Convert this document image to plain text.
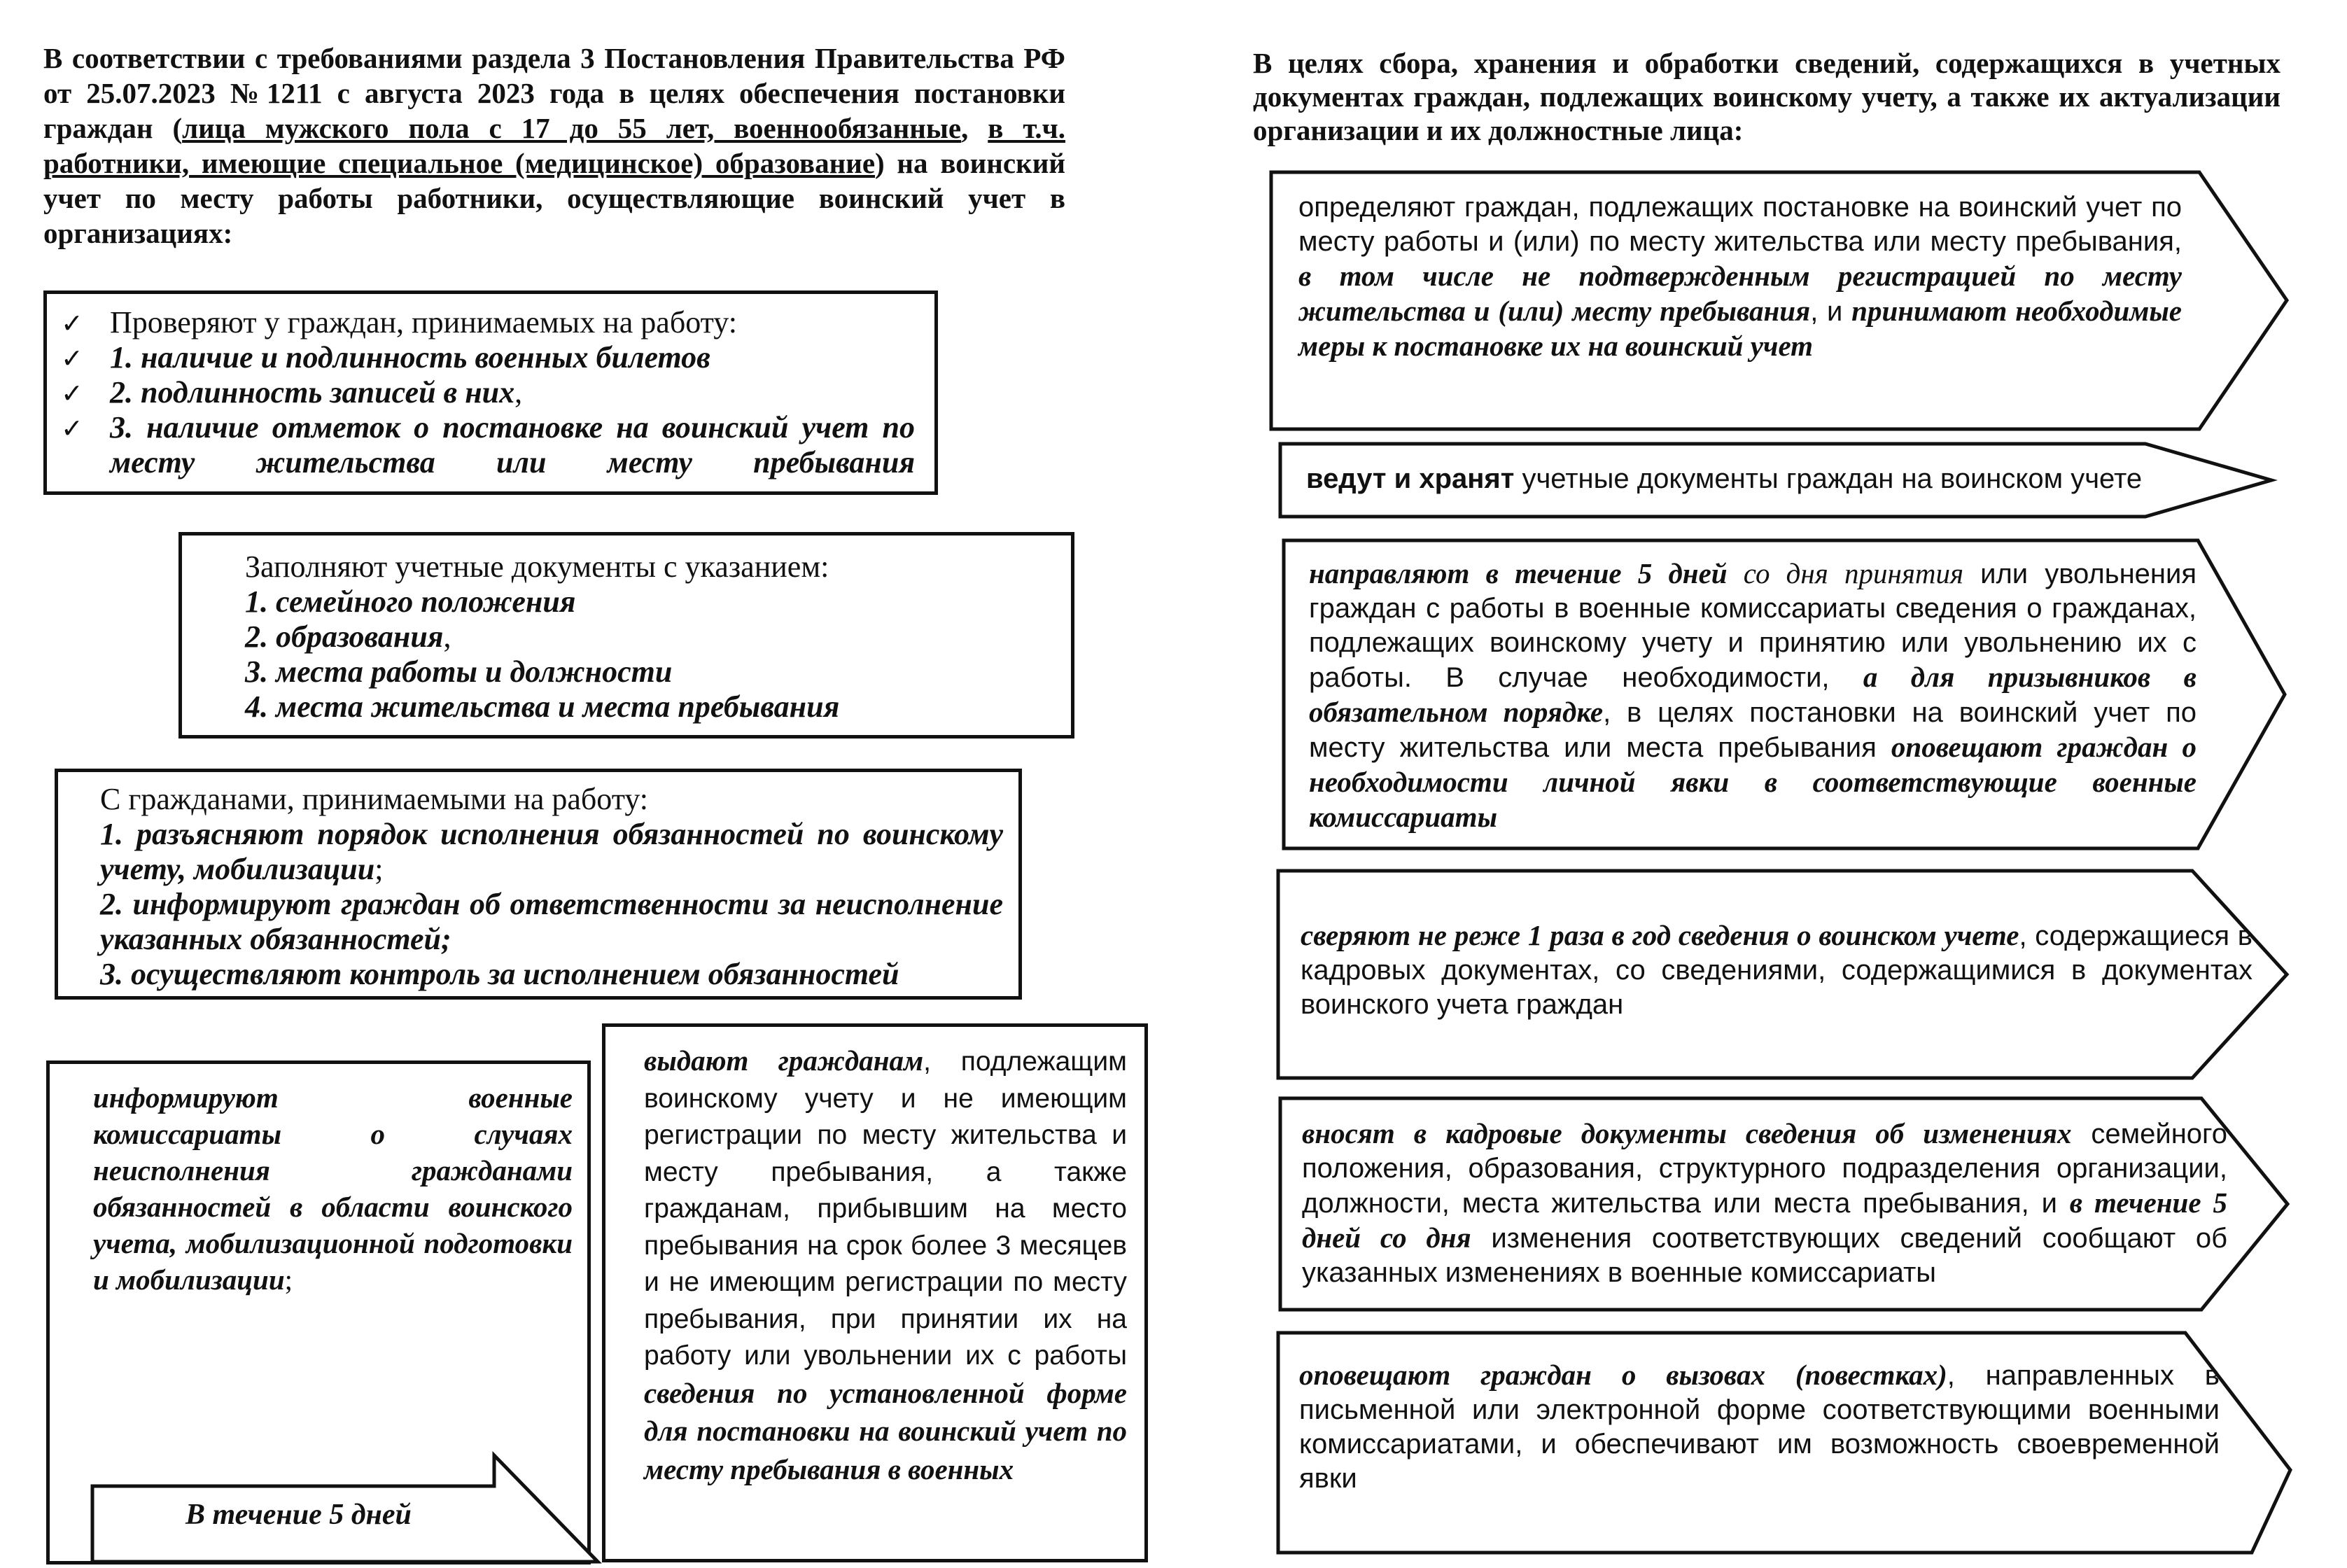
В соответствии с требованиями раздела 3 Постановления Правительства РФ от 25.07.2023 №1211 с августа 2023 года в целях обеспечения постановки граждан (лица мужского пола с 17 до 55 лет, военнообязанные, в т.ч. работники, имеющие специальное (медицинское) образование) на воинский учет по месту работы работники, осуществляющие воинский учет в организациях:
Проверяют у граждан, принимаемых на работу:
1. наличие и подлинность военных билетов
2. подлинность записей в них,
3. наличие отметок о постановке на воинский учет по месту жительства или месту пребывания
✓
✓
✓
✓
Заполняют учетные документы с указанием:
1. семейного положения
2. образования,
3. места работы и должности
4. места жительства и места пребывания
С гражданами, принимаемыми на работу:
1. разъясняют порядок исполнения обязанностей по воинскому учету, мобилизации;
2. информируют граждан об ответственности за неисполнение указанных обязанностей;
3. осуществляют контроль за исполнением обязанностей
информируют военные комиссариаты о случаях неисполнения гражданами обязанностей в области воинского учета, мобилизационной подготовки и мобилизации;
В течение 5 дней
выдают гражданам, подлежащим воинскому учету и не имеющим регистрации по месту жительства и месту пребывания, а также гражданам, прибывшим на место пребывания на срок более 3 месяцев и не имеющим регистрации по месту пребывания, при принятии их на работу или увольнении их с работы сведения по установленной форме для постановки на воинский учет по месту пребывания в военных
В целях сбора, хранения и обработки сведений, содержащихся в учетных документах граждан, подлежащих воинскому учету, а также их актуализации организации и их должностные лица:
определяют граждан, подлежащих постановке на воинский учет по месту работы и (или) по месту жительства или месту пребывания, в том числе не подтвержденным регистрацией по месту жительства и (или) месту пребывания, и принимают необходимые меры к постановке их на воинский учет
ведут и хранят учетные документы граждан на воинском учете
направляют в течение 5 дней со дня принятия или увольнения граждан с работы в военные комиссариаты сведения о гражданах, подлежащих воинскому учету и принятию или увольнению их с работы. В случае необходимости, а для призывников в обязательном порядке, в целях постановки на воинский учет по месту жительства или места пребывания оповещают граждан о необходимости личной явки в соответствующие военные комиссариаты
сверяют не реже 1 раза в год сведения о воинском учете, содержащиеся в кадровых документах, со сведениями, содержащимися в документах воинского учета граждан
вносят в кадровые документы сведения об изменениях семейного положения, образования, структурного подразделения организации, должности, места жительства или места пребывания, и в течение 5 дней со дня изменения соответствующих сведений сообщают об указанных изменениях в военные комиссариаты
оповещают граждан о вызовах (повестках), направленных в письменной или электронной форме соответствующими военными комиссариатами, и обеспечивают им возможность своевременной явки
